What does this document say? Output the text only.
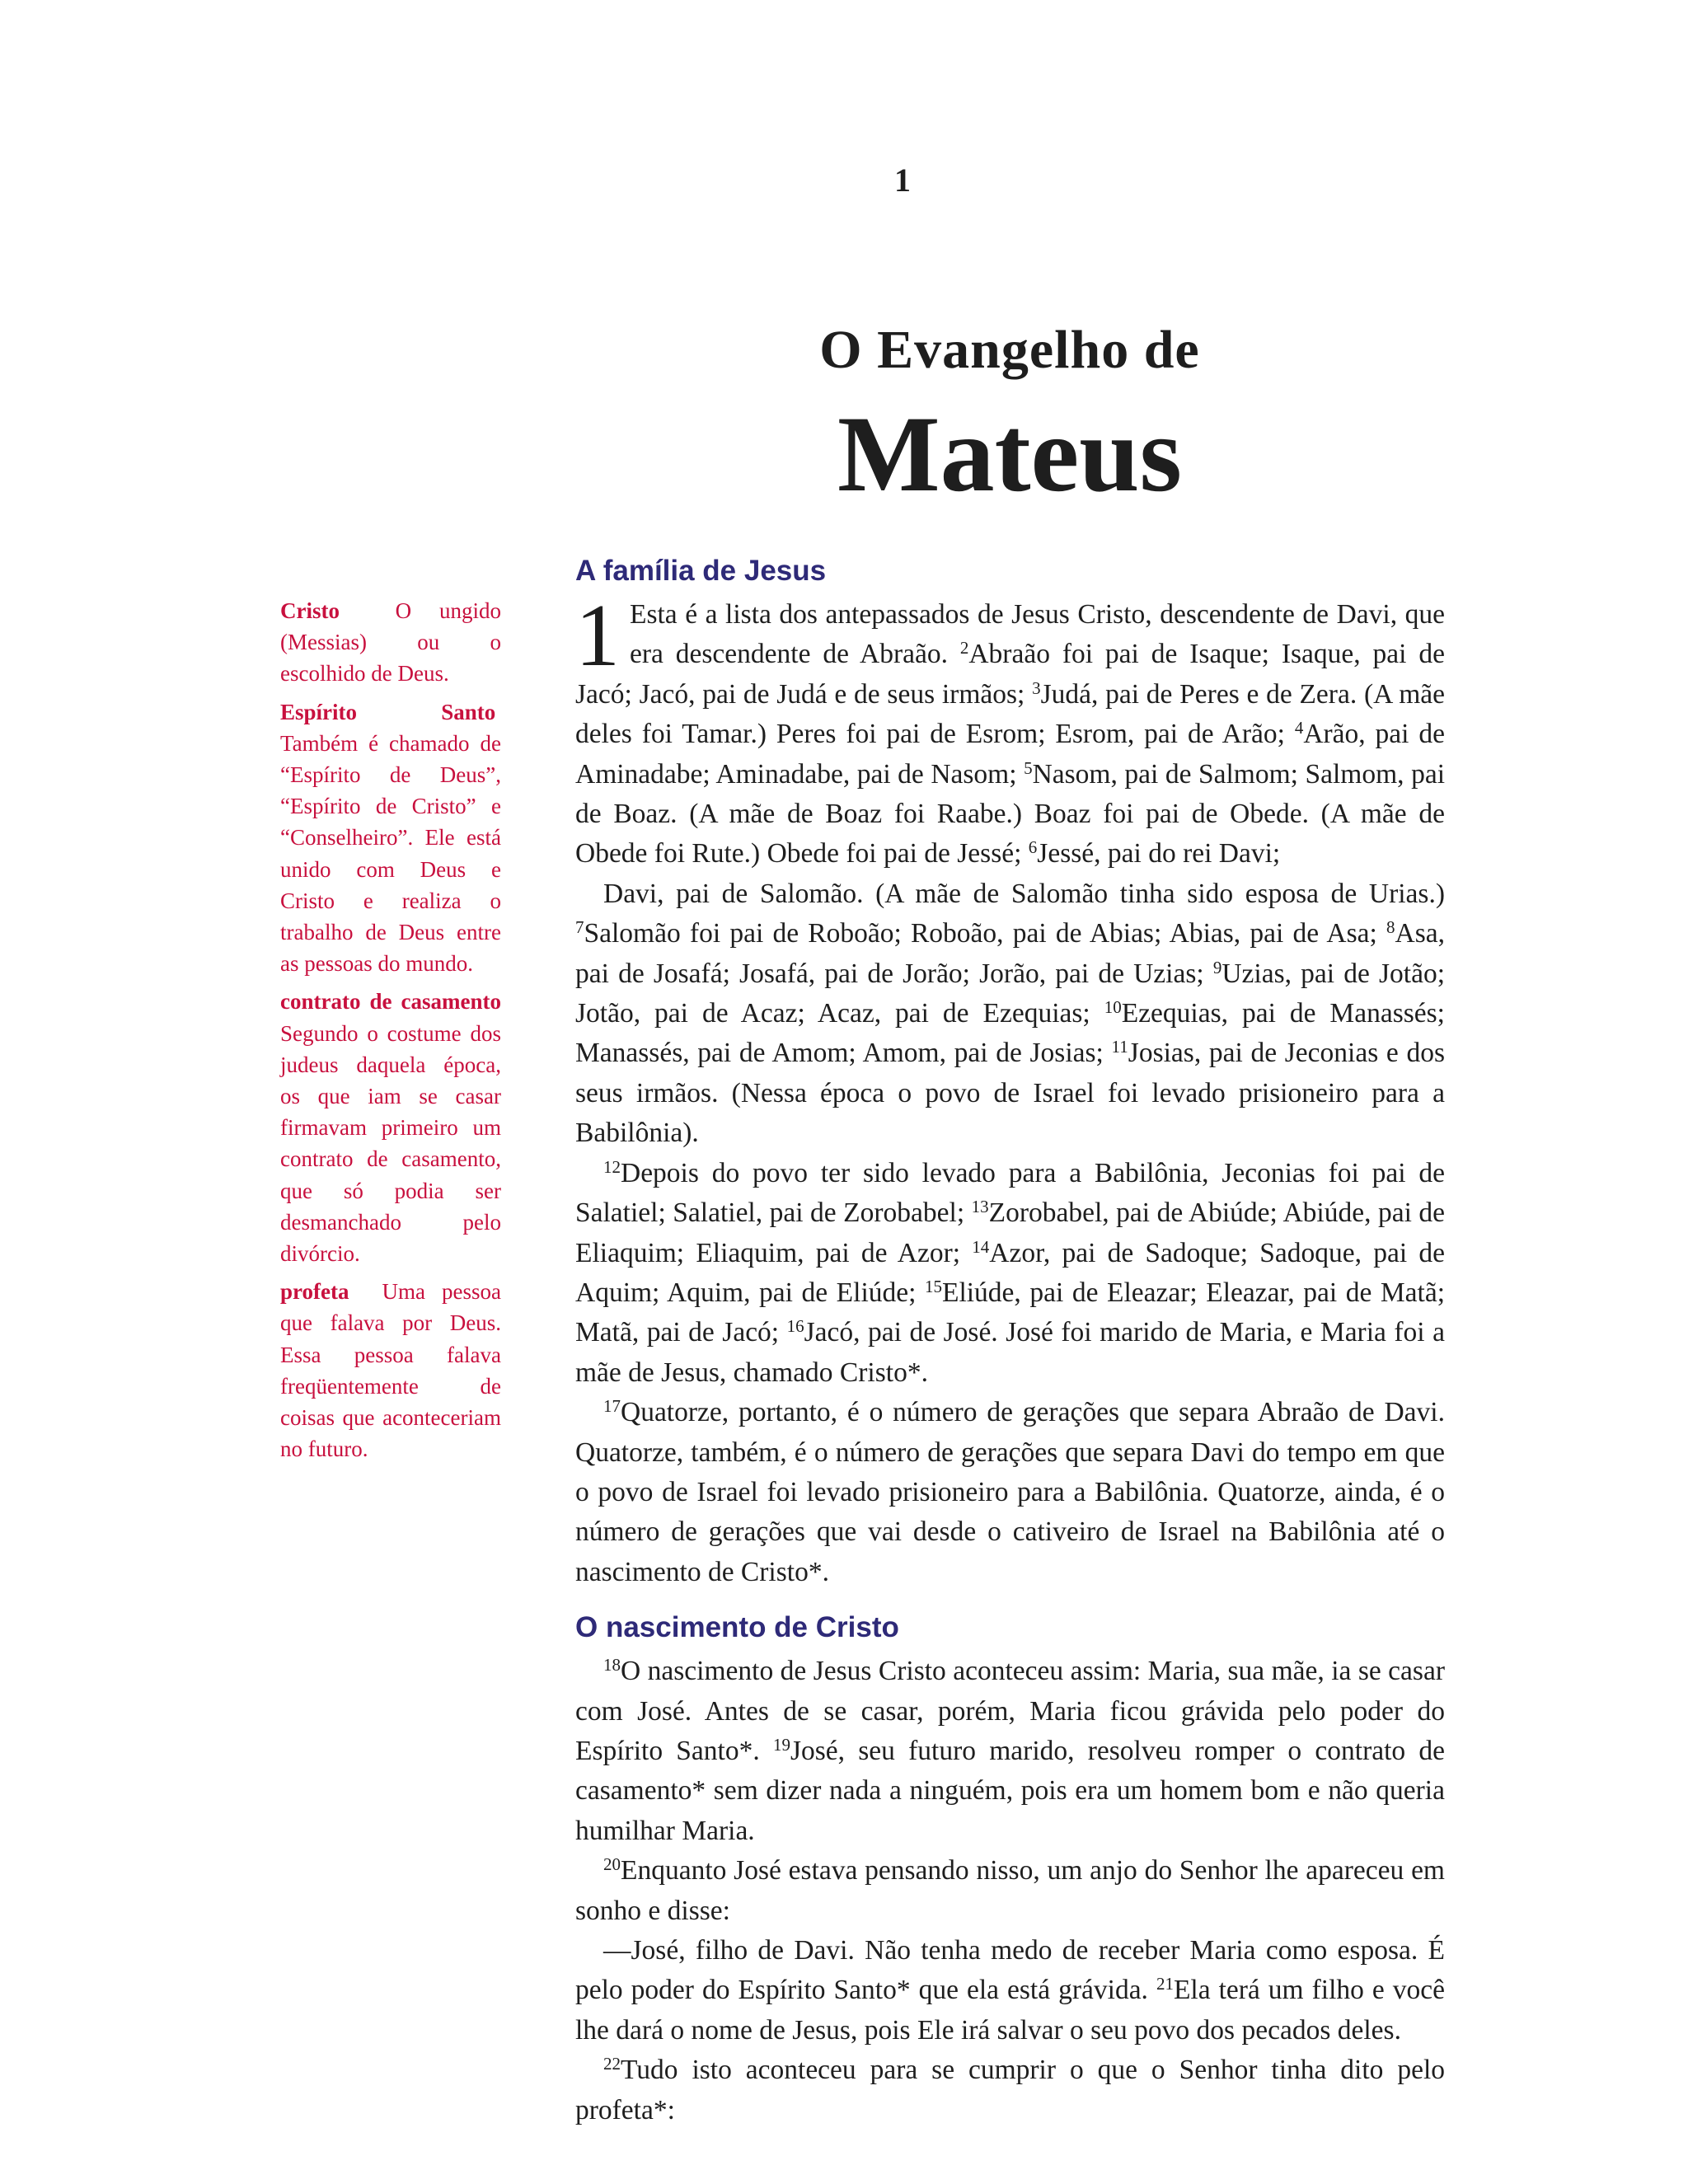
1
O Evangelho de
Mateus
Cristo	O ungido (Messias) ou o escolhido de Deus.
Espírito Santo  Também é chamado de “Espírito de Deus”, “Espírito de Cristo” e “Conselheiro”. Ele está unido com Deus e Cristo e realiza o trabalho de Deus entre as pessoas do mundo.
contrato de casamento Segundo o costume dos judeus daquela época, os que iam se casar firmavam primeiro um contrato de casamento, que só podia ser desmanchado pelo divórcio.
profeta Uma pessoa que falava por Deus. Essa pessoa falava freqüentemente de coisas que aconteceriam no futuro.
A família de Jesus

1 Esta é a lista dos antepassados de Jesus Cristo, descendente de Davi, que era descendente de Abraão. $^2$Abraão foi pai de Isaque; Isaque, pai de Jacó; Jacó, pai de Judá e de seus irmãos; $^3$Judá, pai de Peres e de Zera. (A mãe deles foi Tamar.) Peres foi pai de Esrom; Esrom, pai de Arão; $^4$Arão, pai de Aminadabe; Aminadabe, pai de Nasom; $^5$Nasom, pai de Salmom; Salmom, pai de Boaz. (A mãe de Boaz foi Raabe.) Boaz foi pai de Obede. (A mãe de Obede foi Rute.) Obede foi pai de Jessé; $^6$Jessé, pai do rei Davi;

Davi, pai de Salomão. (A mãe de Salomão tinha sido esposa de Urias.) $^7$Salomão foi pai de Roboão; Roboão, pai de Abias; Abias, pai de Asa; $^8$Asa, pai de Josafá; Josafá, pai de Jorão; Jorão, pai de Uzias; $^9$Uzias, pai de Jotão; Jotão, pai de Acaz; Acaz, pai de Ezequias; $^{10}$Ezequias, pai de Manassés; Manassés, pai de Amom; Amom, pai de Josias; $^{11}$Josias, pai de Jeconias e dos seus irmãos. (Nessa época o povo de Israel foi levado prisioneiro para a Babilônia).

$^{12}$Depois do povo ter sido levado para a Babilônia, Jeconias foi pai de Salatiel; Salatiel, pai de Zorobabel; $^{13}$Zorobabel, pai de Abiúde; Abiúde, pai de Eliaquim; Eliaquim, pai de Azor; $^{14}$Azor, pai de Sadoque; Sadoque, pai de Aquim; Aquim, pai de Eliúde; $^{15}$Eliúde, pai de Eleazar; Eleazar, pai de Matã; Matã, pai de Jacó; $^{16}$Jacó, pai de José. José foi marido de Maria, e Maria foi a mãe de Jesus, chamado Cristo*.

$^{17}$Quatorze, portanto, é o número de gerações que separa Abraão de Davi. Quatorze, também, é o número de gerações que separa Davi do tempo em que o povo de Israel foi levado prisioneiro para a Babilônia. Quatorze, ainda, é o número de gerações que vai desde o cativeiro de Israel na Babilônia até o nascimento de Cristo*.

O nascimento de Cristo

$^{18}$O nascimento de Jesus Cristo aconteceu assim: Maria, sua mãe, ia se casar com José. Antes de se casar, porém, Maria ficou grávida pelo poder do Espírito Santo*. $^{19}$José, seu futuro marido, resolveu romper o contrato de casamento* sem dizer nada a ninguém, pois era um homem bom e não queria humilhar Maria.

$^{20}$Enquanto José estava pensando nisso, um anjo do Senhor lhe apareceu em sonho e disse:

—José, filho de Davi. Não tenha medo de receber Maria como esposa. É pelo poder do Espírito Santo* que ela está grávida. $^{21}$Ela terá um filho e você lhe dará o nome de Jesus, pois Ele irá salvar o seu povo dos pecados deles.

$^{22}$Tudo isto aconteceu para se cumprir o que o Senhor tinha dito pelo profeta*:
